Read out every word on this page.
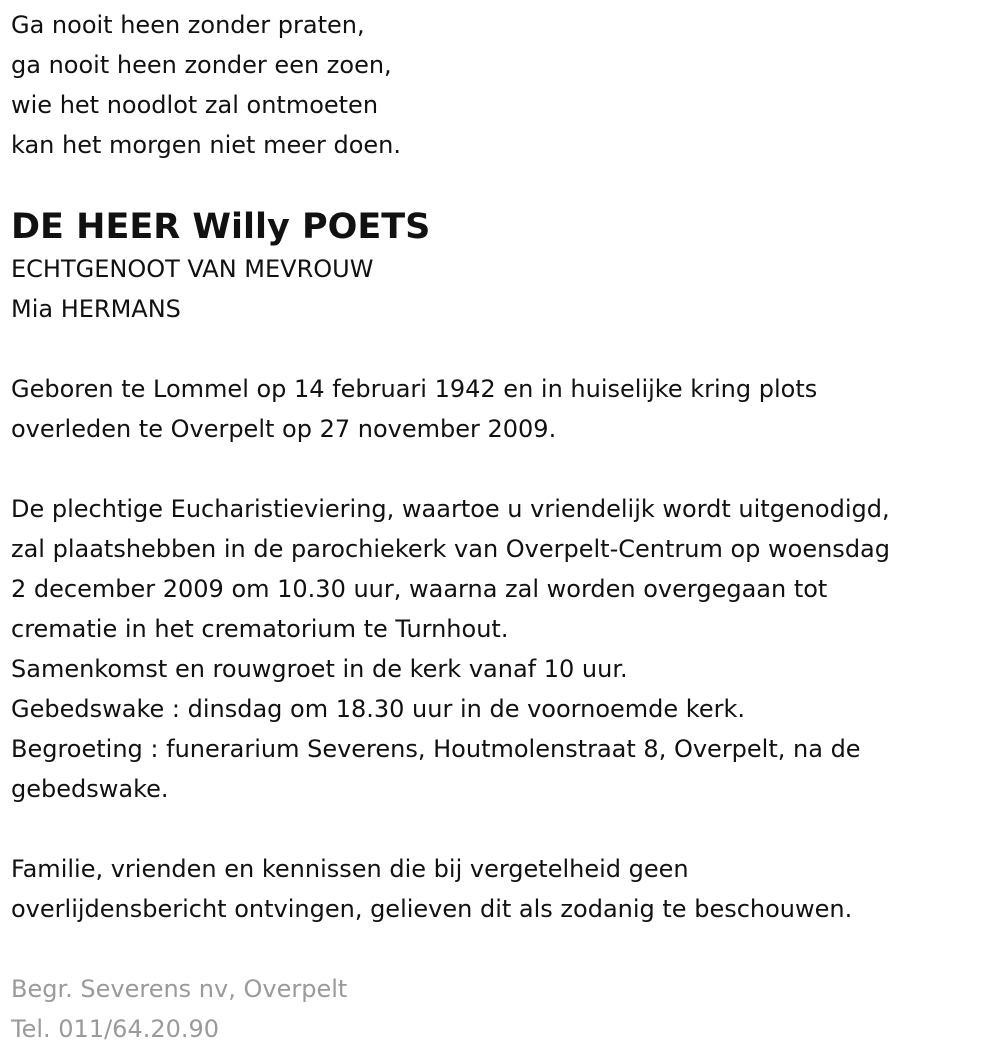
Ga nooit heen zonder praten,
ga nooit heen zonder een zoen,
wie het noodlot zal ontmoeten
kan het morgen niet meer doen.
DE HEER Willy POETS
ECHTGENOOT VAN MEVROUW
Mia HERMANS
Geboren te Lommel op 14 februari 1942 en in huiselijke kring plots
overleden te Overpelt op 27 november 2009.
De plechtige Eucharistieviering, waartoe u vriendelijk wordt uitgenodigd,
zal plaatshebben in de parochiekerk van Overpelt-Centrum op woensdag
2 december 2009 om 10.30 uur, waarna zal worden overgegaan tot
crematie in het crematorium te Turnhout.
Samenkomst en rouwgroet in de kerk vanaf 10 uur.
Gebedswake : dinsdag om 18.30 uur in de voornoemde kerk.
Begroeting : funerarium Severens, Houtmolenstraat 8, Overpelt, na de
gebedswake.
Familie, vrienden en kennissen die bij vergetelheid geen
overlijdensbericht ontvingen, gelieven dit als zodanig te beschouwen.
Begr. Severens nv, Overpelt
Tel. 011/64.20.90
